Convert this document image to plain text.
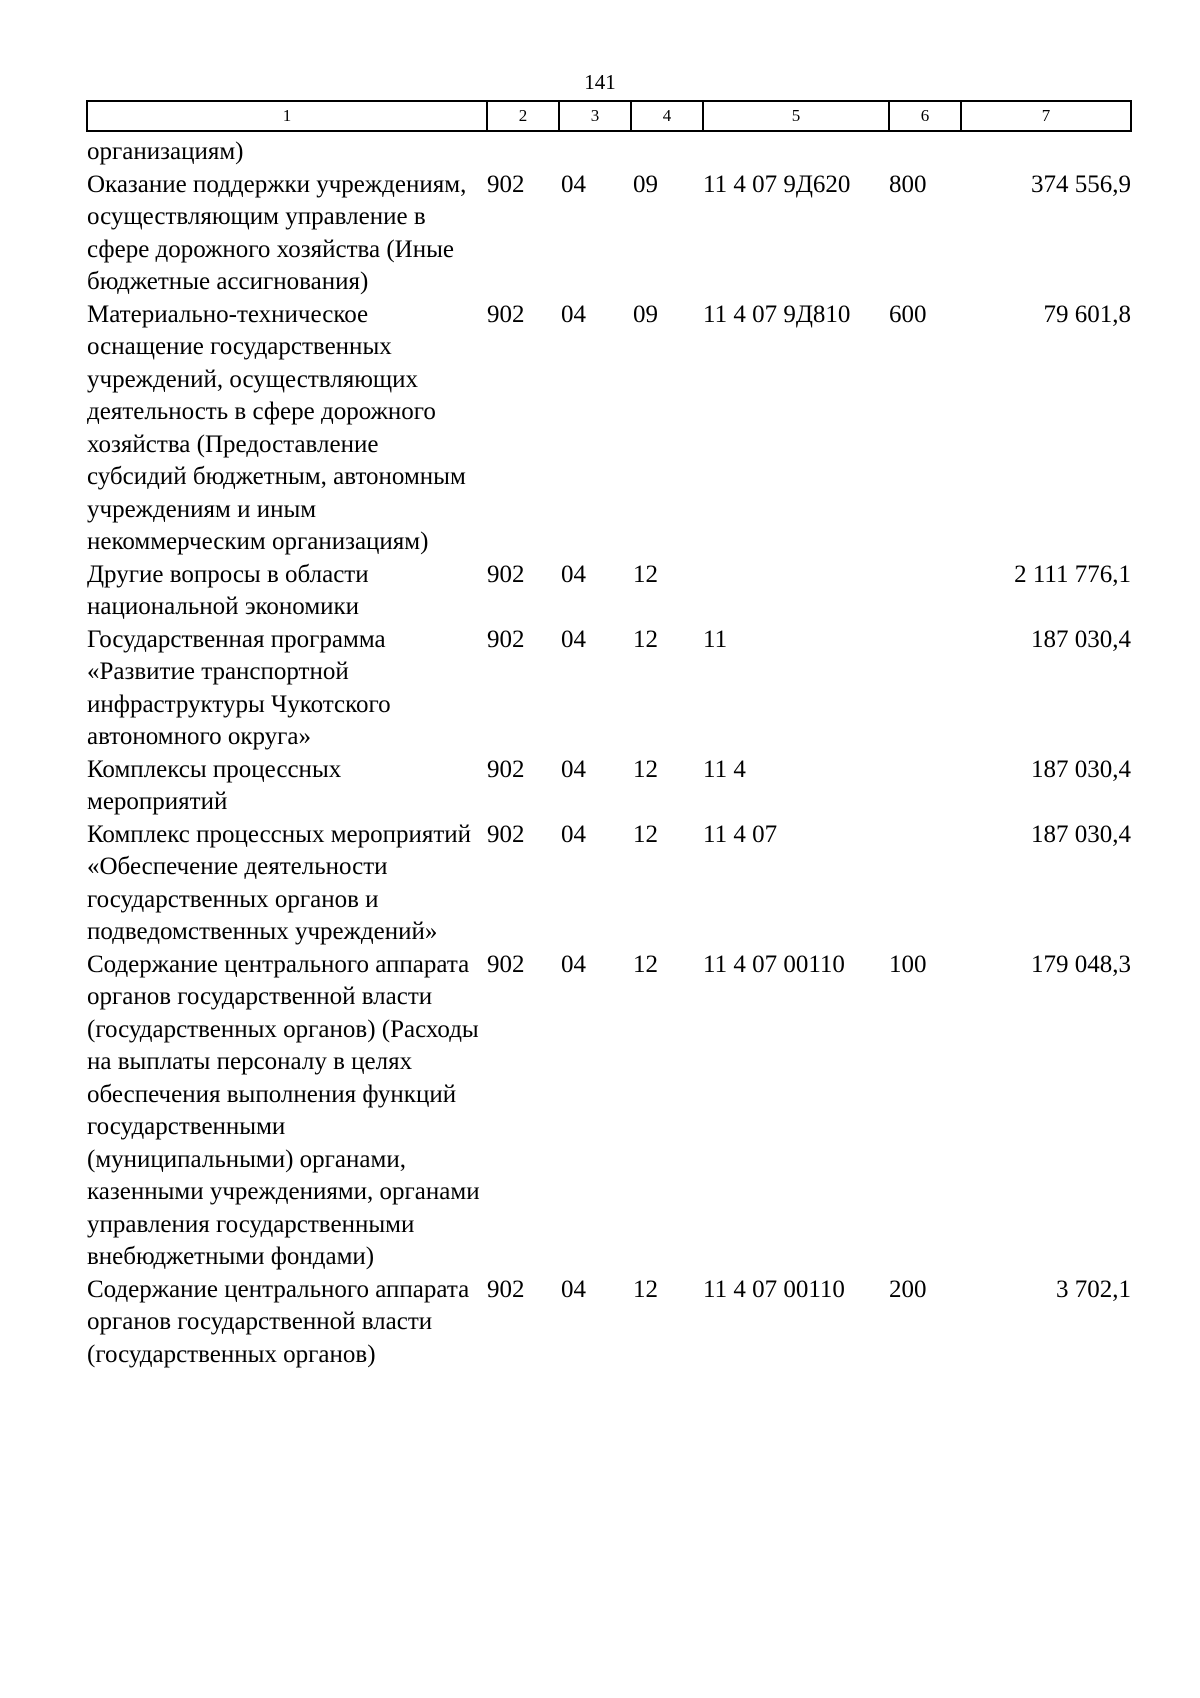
141
1	2	3	4	5	6	7
организациям)						
Оказание поддержки учреждениям, осуществляющим управление в сфере дорожного хозяйства (Иные бюджетные ассигнования)	902	04	09	11 4 07 9Д620	800	374 556,9
Материально-техническое оснащение государственных учреждений, осуществляющих деятельность в сфере дорожного хозяйства (Предоставление субсидий бюджетным, автономным учреждениям и иным некоммерческим организациям)	902	04	09	11 4 07 9Д810	600	79 601,8
Другие вопросы в области национальной экономики	902	04	12			2 111 776,1
Государственная программа «Развитие транспортной инфраструктуры Чукотского автономного округа»	902	04	12	11		187 030,4
Комплексы процессных мероприятий	902	04	12	11 4		187 030,4
Комплекс процессных мероприятий «Обеспечение деятельности государственных органов и подведомственных учреждений»	902	04	12	11 4 07		187 030,4
Содержание центрального аппарата органов государственной власти (государственных органов) (Расходы на выплаты персоналу в целях обеспечения выполнения функций государственными (муниципальными) органами, казенными учреждениями, органами управления государственными внебюджетными фондами)	902	04	12	11 4 07 00110	100	179 048,3
Содержание центрального аппарата органов государственной власти (государственных органов)	902	04	12	11 4 07 00110	200	3 702,1
